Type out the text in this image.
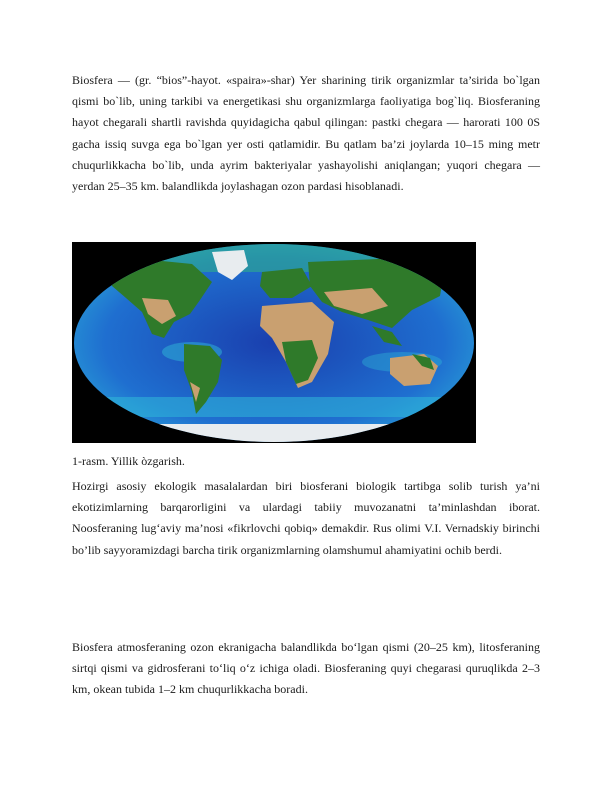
Biosfera — (gr. “bios”-hayot. «spaira»-shar) Yer sharining tirik organizmlar ta’sirida bo`lgan qismi bo`lib, uning tarkibi va energetikasi shu organizmlarga faoliyatiga bog`liq. Biosferaning hayot chegarali shartli ravishda quyidagicha qabul qilingan: pastki chegara — harorati 100 0S gacha issiq suvga ega bo`lgan yer osti qatlamidir. Bu qatlam ba’zi joylarda 10–15 ming metr chuqurlikkacha bo`lib, unda ayrim bakteriyalar yashayolishi aniqlangan; yuqori chegara — yerdan 25–35 km. balandlikda joylashagan ozon pardasi hisoblanadi.

1-rasm. Yillik òzgarish.

Hozirgi asosiy ekologik masalalardan biri biosferani biologik tartibga solib turish ya’ni ekotizimlarning barqarorligini va ulardagi tabiiy muvozanatni ta’minlashdan iborat. Noosferaning lug‘aviy ma’nosi «fikrlovchi qobiq» demakdir. Rus olimi V.I. Vernadskiy birinchi bo’lib sayyoramizdagi barcha tirik organizmlarning olamshumul ahamiyatini ochib berdi.

Biosfera atmosferaning ozon ekranigacha balandlikda bo‘lgan qismi (20–25 km), litosferaning sirtqi qismi va gidrosferani to‘liq o‘z ichiga oladi. Biosferaning quyi chegarasi quruqlikda 2–3 km, okean tubida 1–2 km chuqurlikkacha boradi.
